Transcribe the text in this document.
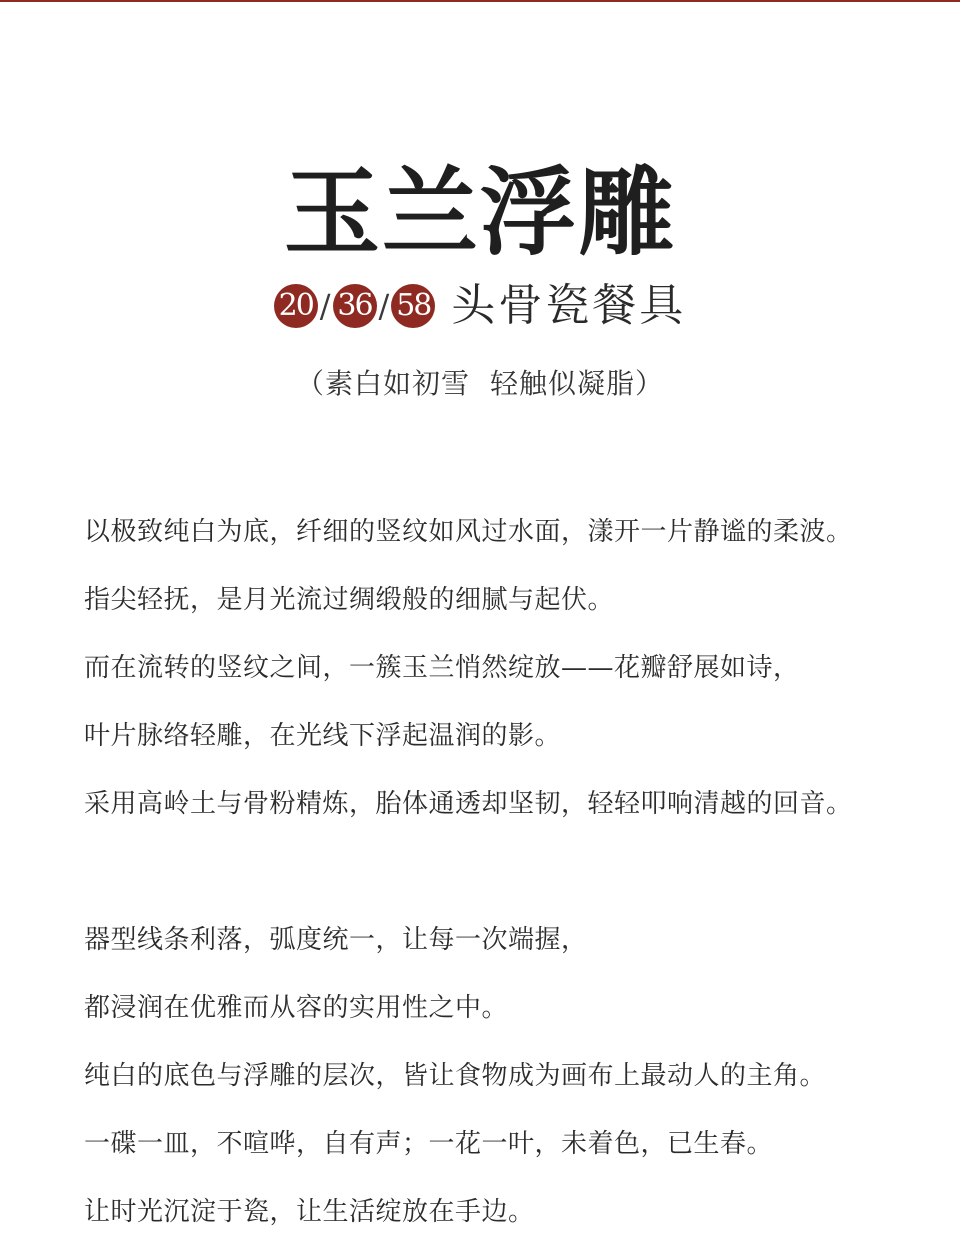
玉兰浮雕
20 / 36 / 58 头骨瓷餐具
（素白如初雪 轻触似凝脂）
以极致纯白为底，纤细的竖纹如风过水面，漾开一片静谧的柔波。
指尖轻抚，是月光流过绸缎般的细腻与起伏。
而在流转的竖纹之间，一簇玉兰悄然绽放——花瓣舒展如诗，
叶片脉络轻雕，在光线下浮起温润的影。
采用高岭土与骨粉精炼，胎体通透却坚韧，轻轻叩响清越的回音。
器型线条利落，弧度统一，让每一次端握，
都浸润在优雅而从容的实用性之中。
纯白的底色与浮雕的层次，皆让食物成为画布上最动人的主角。
一碟一皿，不喧哗，自有声；一花一叶，未着色，已生春。
让时光沉淀于瓷，让生活绽放在手边。
